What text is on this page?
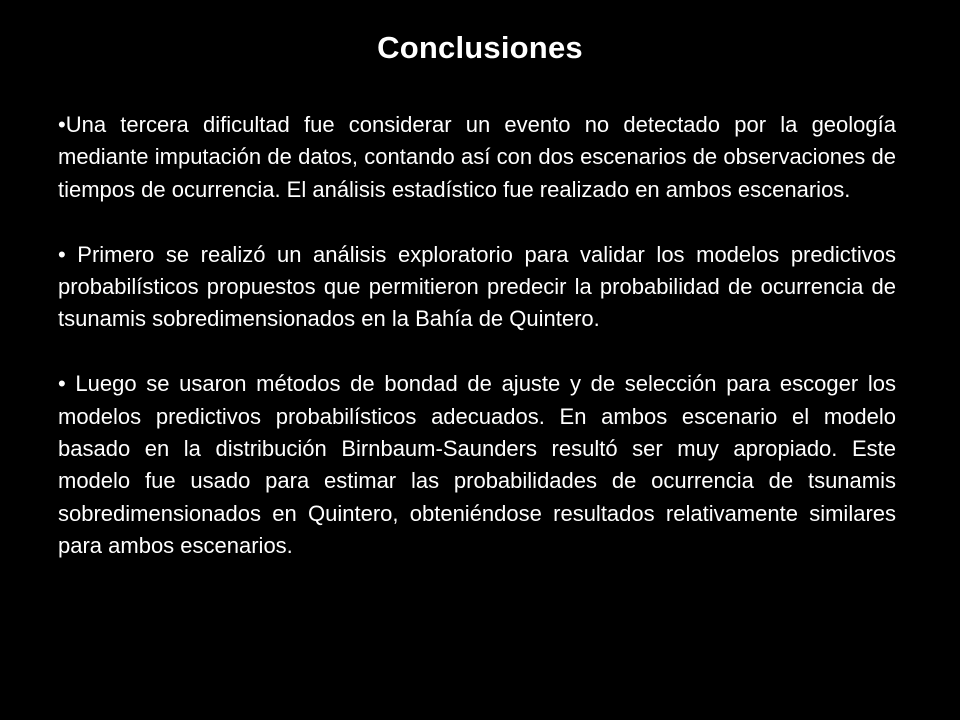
Conclusiones

•Una tercera dificultad fue considerar un evento no detectado por la geología mediante imputación de datos, contando así con dos escenarios de observaciones de tiempos de ocurrencia. El análisis estadístico fue realizado en ambos escenarios.

• Primero se realizó un análisis exploratorio para validar los modelos predictivos probabilísticos propuestos que permitieron predecir la probabilidad de ocurrencia de tsunamis sobredimensionados en la Bahía de Quintero.

• Luego se usaron métodos de bondad de ajuste y de selección para escoger los modelos predictivos probabilísticos adecuados. En ambos escenario el modelo basado en la distribución Birnbaum-Saunders resultó ser muy apropiado. Este modelo fue usado para estimar las probabilidades de ocurrencia de tsunamis sobredimensionados en Quintero, obteniéndose resultados relativamente similares para ambos escenarios.
